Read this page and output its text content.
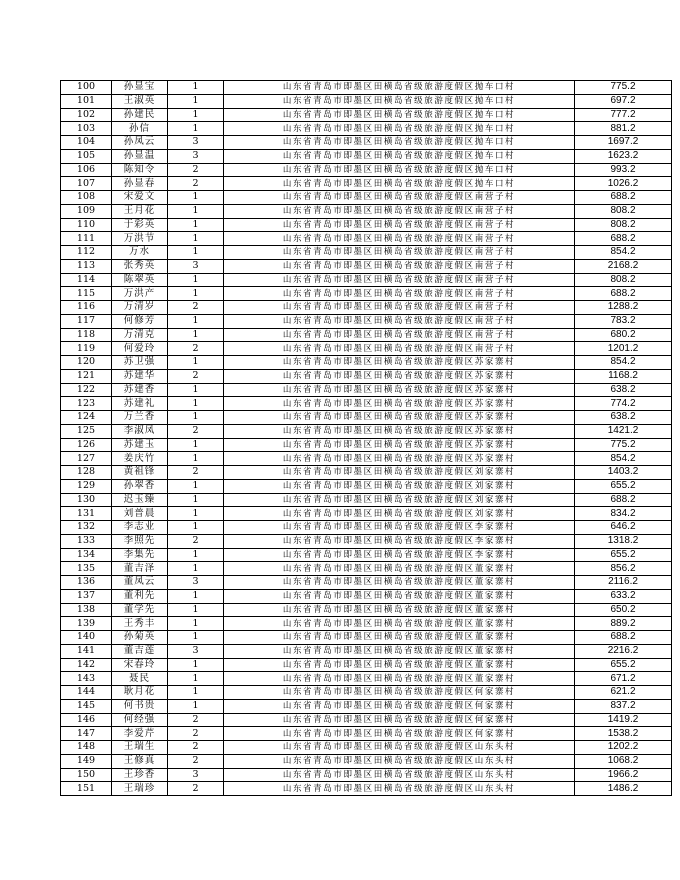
100	孙显宝	1	山东省青岛市即墨区田横岛省级旅游度假区抛车口村	775.2
101	王淑英	1	山东省青岛市即墨区田横岛省级旅游度假区抛车口村	697.2
102	孙建民	1	山东省青岛市即墨区田横岛省级旅游度假区抛车口村	777.2
103	孙信	1	山东省青岛市即墨区田横岛省级旅游度假区抛车口村	881.2
104	孙凤云	3	山东省青岛市即墨区田横岛省级旅游度假区抛车口村	1697.2
105	孙显温	3	山东省青岛市即墨区田横岛省级旅游度假区抛车口村	1623.2
106	陈知令	2	山东省青岛市即墨区田横岛省级旅游度假区抛车口村	993.2
107	孙显春	2	山东省青岛市即墨区田横岛省级旅游度假区抛车口村	1026.2
108	宋爱文	1	山东省青岛市即墨区田横岛省级旅游度假区南营子村	688.2
109	王月花	1	山东省青岛市即墨区田横岛省级旅游度假区南营子村	808.2
110	于彩英	1	山东省青岛市即墨区田横岛省级旅游度假区南营子村	808.2
111	万洪节	1	山东省青岛市即墨区田横岛省级旅游度假区南营子村	688.2
112	万水	1	山东省青岛市即墨区田横岛省级旅游度假区南营子村	854.2
113	张秀英	3	山东省青岛市即墨区田横岛省级旅游度假区南营子村	2168.2
114	陈翠英	1	山东省青岛市即墨区田横岛省级旅游度假区南营子村	808.2
115	万洪产	1	山东省青岛市即墨区田横岛省级旅游度假区南营子村	688.2
116	万清岁	2	山东省青岛市即墨区田横岛省级旅游度假区南营子村	1288.2
117	何修芳	1	山东省青岛市即墨区田横岛省级旅游度假区南营子村	783.2
118	万清克	1	山东省青岛市即墨区田横岛省级旅游度假区南营子村	680.2
119	何爱玲	2	山东省青岛市即墨区田横岛省级旅游度假区南营子村	1201.2
120	苏卫强	1	山东省青岛市即墨区田横岛省级旅游度假区苏家寨村	854.2
121	苏建华	2	山东省青岛市即墨区田横岛省级旅游度假区苏家寨村	1168.2
122	苏建香	1	山东省青岛市即墨区田横岛省级旅游度假区苏家寨村	638.2
123	苏建礼	1	山东省青岛市即墨区田横岛省级旅游度假区苏家寨村	774.2
124	万兰香	1	山东省青岛市即墨区田横岛省级旅游度假区苏家寨村	638.2
125	李淑凤	2	山东省青岛市即墨区田横岛省级旅游度假区苏家寨村	1421.2
126	苏建玉	1	山东省青岛市即墨区田横岛省级旅游度假区苏家寨村	775.2
127	姜庆竹	1	山东省青岛市即墨区田横岛省级旅游度假区苏家寨村	854.2
128	黄祖锋	2	山东省青岛市即墨区田横岛省级旅游度假区刘家寨村	1403.2
129	孙翠香	1	山东省青岛市即墨区田横岛省级旅游度假区刘家寨村	655.2
130	迟玉臻	1	山东省青岛市即墨区田横岛省级旅游度假区刘家寨村	688.2
131	刘普晨	1	山东省青岛市即墨区田横岛省级旅游度假区刘家寨村	834.2
132	李志业	1	山东省青岛市即墨区田横岛省级旅游度假区李家寨村	646.2
133	李照先	2	山东省青岛市即墨区田横岛省级旅游度假区李家寨村	1318.2
134	李集先	1	山东省青岛市即墨区田横岛省级旅游度假区李家寨村	655.2
135	董吉泽	1	山东省青岛市即墨区田横岛省级旅游度假区董家寨村	856.2
136	董凤云	3	山东省青岛市即墨区田横岛省级旅游度假区董家寨村	2116.2
137	董利先	1	山东省青岛市即墨区田横岛省级旅游度假区董家寨村	633.2
138	董学先	1	山东省青岛市即墨区田横岛省级旅游度假区董家寨村	650.2
139	王秀丰	1	山东省青岛市即墨区田横岛省级旅游度假区董家寨村	889.2
140	孙菊英	1	山东省青岛市即墨区田横岛省级旅游度假区董家寨村	688.2
141	董吉莲	3	山东省青岛市即墨区田横岛省级旅游度假区董家寨村	2216.2
142	宋春玲	1	山东省青岛市即墨区田横岛省级旅游度假区董家寨村	655.2
143	聂民	1	山东省青岛市即墨区田横岛省级旅游度假区董家寨村	671.2
144	耿月花	1	山东省青岛市即墨区田横岛省级旅游度假区何家寨村	621.2
145	何书贵	1	山东省青岛市即墨区田横岛省级旅游度假区何家寨村	837.2
146	何经强	2	山东省青岛市即墨区田横岛省级旅游度假区何家寨村	1419.2
147	李爱芹	2	山东省青岛市即墨区田横岛省级旅游度假区何家寨村	1538.2
148	王瑞生	2	山东省青岛市即墨区田横岛省级旅游度假区山东头村	1202.2
149	王修真	2	山东省青岛市即墨区田横岛省级旅游度假区山东头村	1068.2
150	王珍香	3	山东省青岛市即墨区田横岛省级旅游度假区山东头村	1966.2
151	王瑞珍	2	山东省青岛市即墨区田横岛省级旅游度假区山东头村	1486.2
